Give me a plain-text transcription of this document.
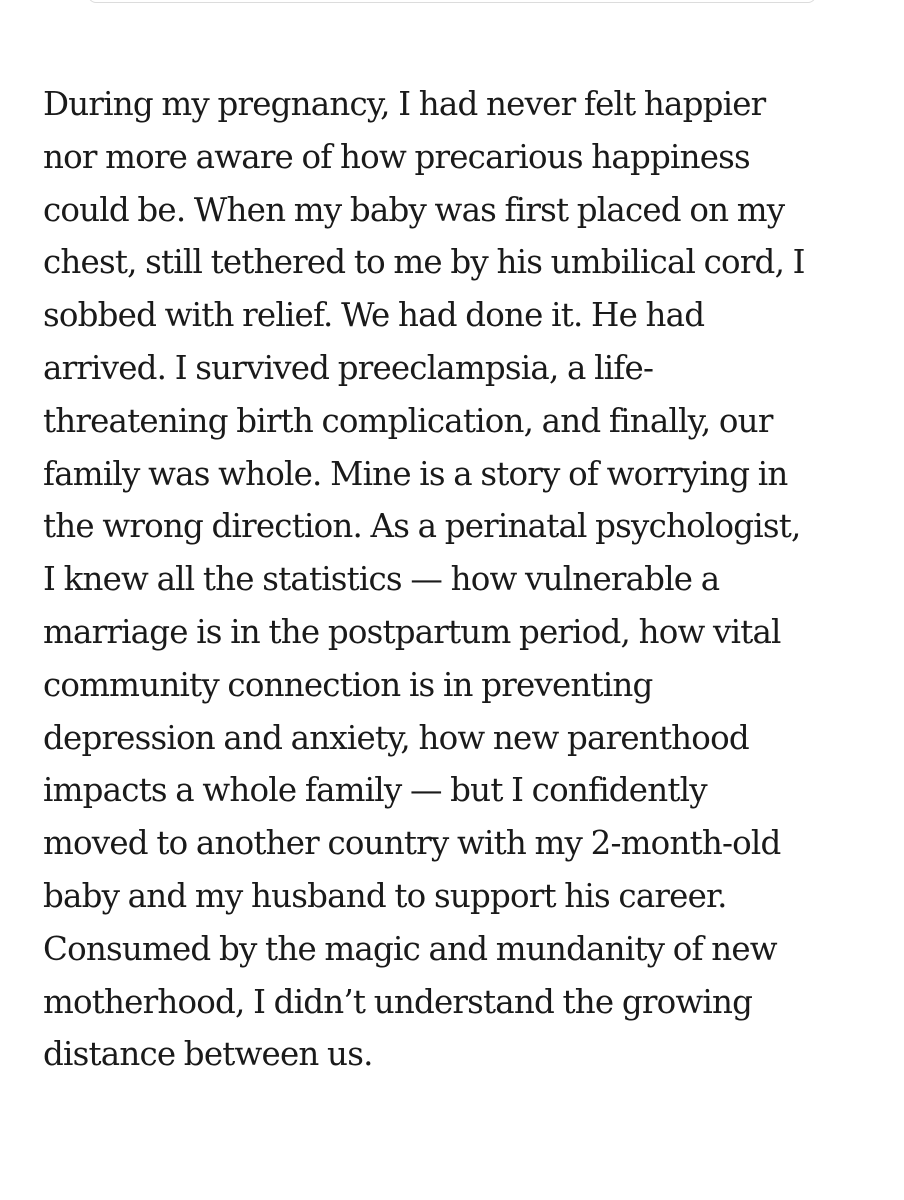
During my pregnancy, I had never felt happier
nor more aware of how precarious happiness
could be. When my baby was first placed on my
chest, still tethered to me by his umbilical cord, I
sobbed with relief. We had done it. He had
arrived. I survived preeclampsia, a life-
threatening birth complication, and finally, our
family was whole. Mine is a story of worrying in
the wrong direction. As a perinatal psychologist,
I knew all the statistics — how vulnerable a
marriage is in the postpartum period, how vital
community connection is in preventing
depression and anxiety, how new parenthood
impacts a whole family — but I confidently
moved to another country with my 2-month-old
baby and my husband to support his career.
Consumed by the magic and mundanity of new
motherhood, I didn’t understand the growing
distance between us.
